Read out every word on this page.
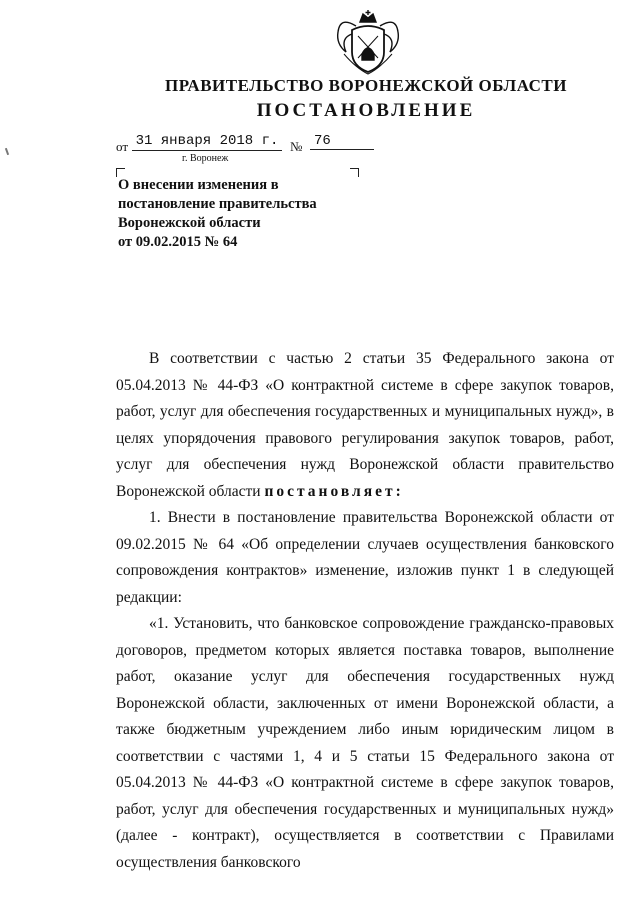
ПРАВИТЕЛЬСТВО ВОРОНЕЖСКОЙ ОБЛАСТИ
ПОСТАНОВЛЕНИЕ
от 31 января 2018 г. № 76
г. Воронеж
О внесении изменения в
постановление правительства
Воронежской области
от 09.02.2015 № 64

В соответствии с частью 2 статьи 35 Федерального закона от 05.04.2013 № 44-ФЗ «О контрактной системе в сфере закупок товаров, работ, услуг для обеспечения государственных и муниципальных нужд», в целях упорядочения правового регулирования закупок товаров, работ, услуг для обеспечения нужд Воронежской области правительство Воронежской области постановляет:

1. Внести в постановление правительства Воронежской области от 09.02.2015 № 64 «Об определении случаев осуществления банковского сопровождения контрактов» изменение, изложив пункт 1 в следующей редакции:

«1. Установить, что банковское сопровождение гражданско-правовых договоров, предметом которых является поставка товаров, выполнение работ, оказание услуг для обеспечения государственных нужд Воронежской области, заключенных от имени Воронежской области, а также бюджетным учреждением либо иным юридическим лицом в соответствии с частями 1, 4 и 5 статьи 15 Федерального закона от 05.04.2013 № 44-ФЗ «О контрактной системе в сфере закупок товаров, работ, услуг для обеспечения государственных и муниципальных нужд» (далее - контракт), осуществляется в соответствии с Правилами осуществления банковского
